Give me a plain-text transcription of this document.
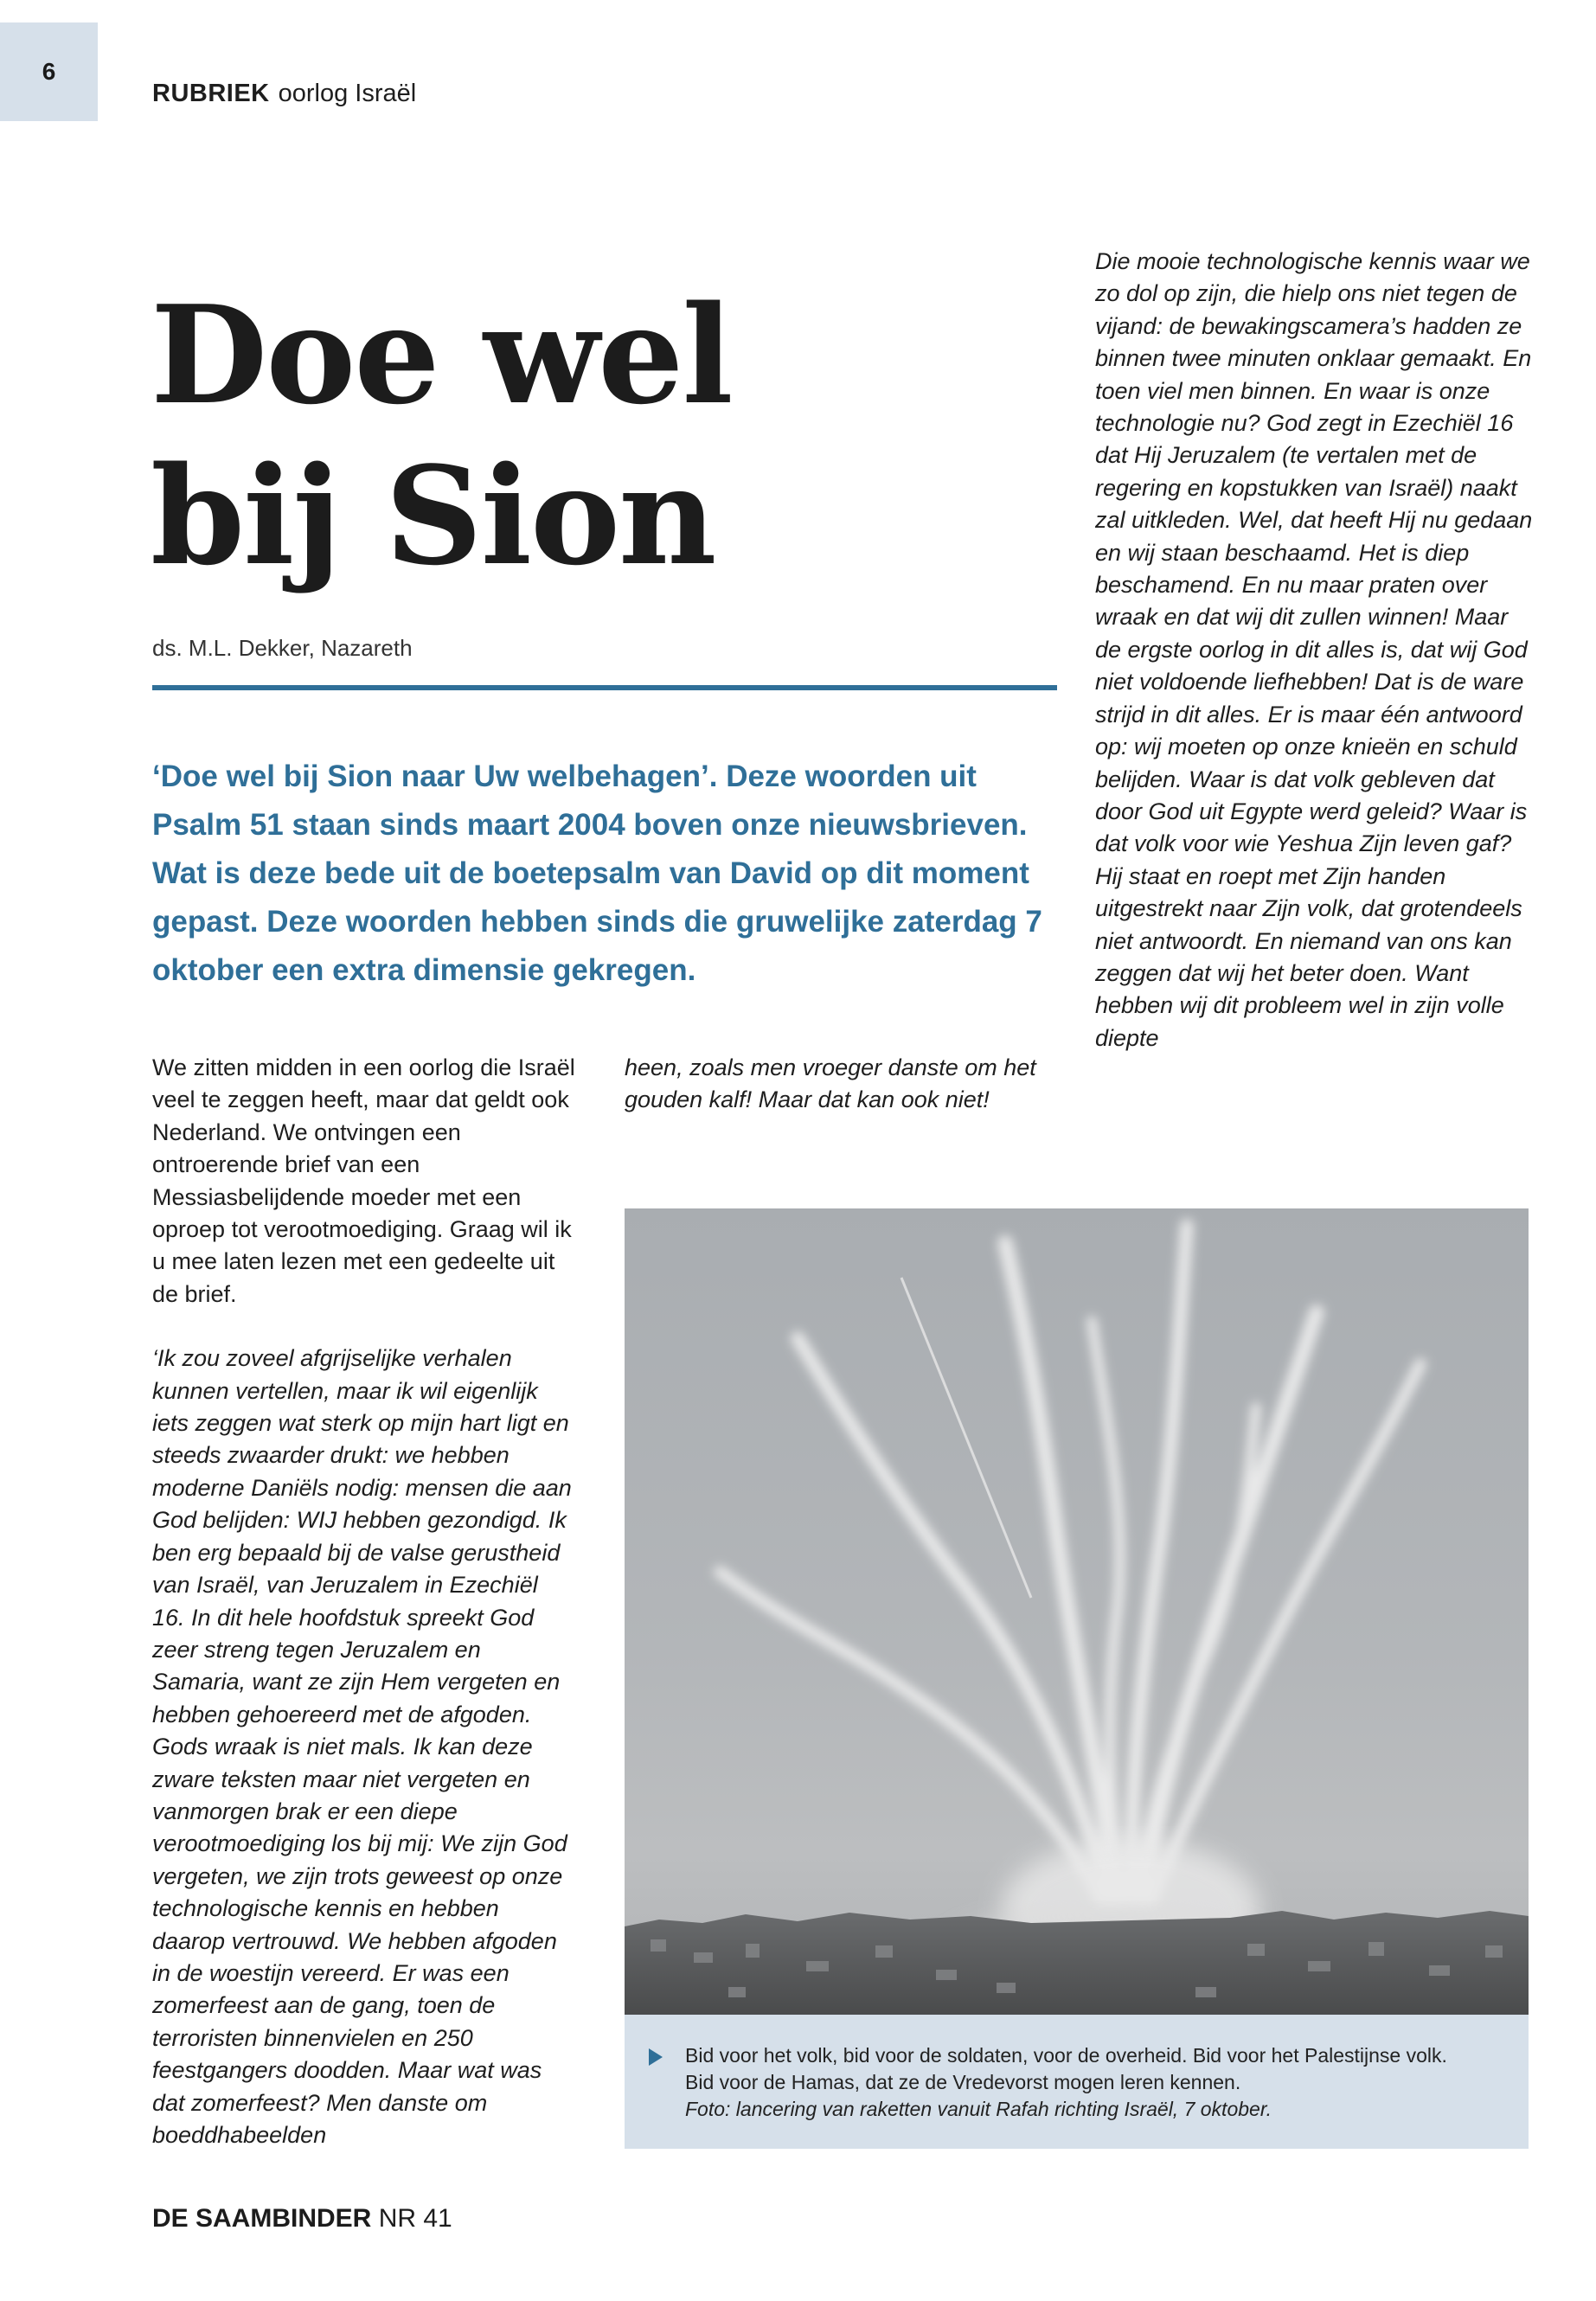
6
RUBRIEK oorlog Israël
Doe wel
bij Sion
ds. M.L. Dekker, Nazareth
‘Doe wel bij Sion naar Uw welbehagen’. Deze woorden uit Psalm 51 staan sinds maart 2004 boven onze nieuwsbrieven. Wat is deze bede uit de boetepsalm van David op dit moment gepast. Deze woorden hebben sinds die gruwelijke zaterdag 7 oktober een extra dimensie gekregen.

We zitten midden in een oorlog die Israël veel te zeggen heeft, maar dat geldt ook Nederland. We ontvingen een ontroerende brief van een Messiasbelijdende moeder met een oproep tot verootmoediging. Graag wil ik u mee laten lezen met een gedeelte uit de brief.

‘Ik zou zoveel afgrijselijke verhalen kunnen vertellen, maar ik wil eigenlijk iets zeggen wat sterk op mijn hart ligt en steeds zwaarder drukt: we hebben moderne Daniëls nodig: mensen die aan God belijden: WIJ hebben gezondigd. Ik ben erg bepaald bij de valse gerustheid van Israël, van Jeruzalem in Ezechiël 16. In dit hele hoofdstuk spreekt God zeer streng tegen Jeruzalem en Samaria, want ze zijn Hem vergeten en hebben gehoereerd met de afgoden. Gods wraak is niet mals. Ik kan deze zware teksten maar niet vergeten en vanmorgen brak er een diepe verootmoediging los bij mij: We zijn God vergeten, we zijn trots geweest op onze technologische kennis en hebben daarop vertrouwd. We hebben afgoden in de woestijn vereerd. Er was een zomerfeest aan de gang, toen de terroristen binnenvielen en 250 feestgangers doodden. Maar wat was dat zomerfeest? Men danste om boeddhabeelden

heen, zoals men vroeger danste om het gouden kalf! Maar dat kan ook niet!

Die mooie technologische kennis waar we zo dol op zijn, die hielp ons niet tegen de vijand: de bewakingscamera’s hadden ze binnen twee minuten onklaar gemaakt. En toen viel men binnen. En waar is onze technologie nu? God zegt in Ezechiël 16 dat Hij Jeruzalem (te vertalen met de regering en kopstukken van Israël) naakt zal uitkleden. Wel, dat heeft Hij nu gedaan en wij staan beschaamd. Het is diep beschamend. En nu maar praten over wraak en dat wij dit zullen winnen! Maar de ergste oorlog in dit alles is, dat wij God niet voldoende liefhebben! Dat is de ware strijd in dit alles. Er is maar één antwoord op: wij moeten op onze knieën en schuld belijden. Waar is dat volk gebleven dat door God uit Egypte werd geleid? Waar is dat volk voor wie Yeshua Zijn leven gaf? Hij staat en roept met Zijn handen uitgestrekt naar Zijn volk, dat grotendeels niet antwoordt. En niemand van ons kan zeggen dat wij het beter doen. Want hebben wij dit probleem wel in zijn volle diepte

Bid voor het volk, bid voor de soldaten, voor de overheid. Bid voor het Palestijnse volk.
Bid voor de Hamas, dat ze de Vredevorst mogen leren kennen.
Foto: lancering van raketten vanuit Rafah richting Israël, 7 oktober.
DE SAAMBINDER NR 41
